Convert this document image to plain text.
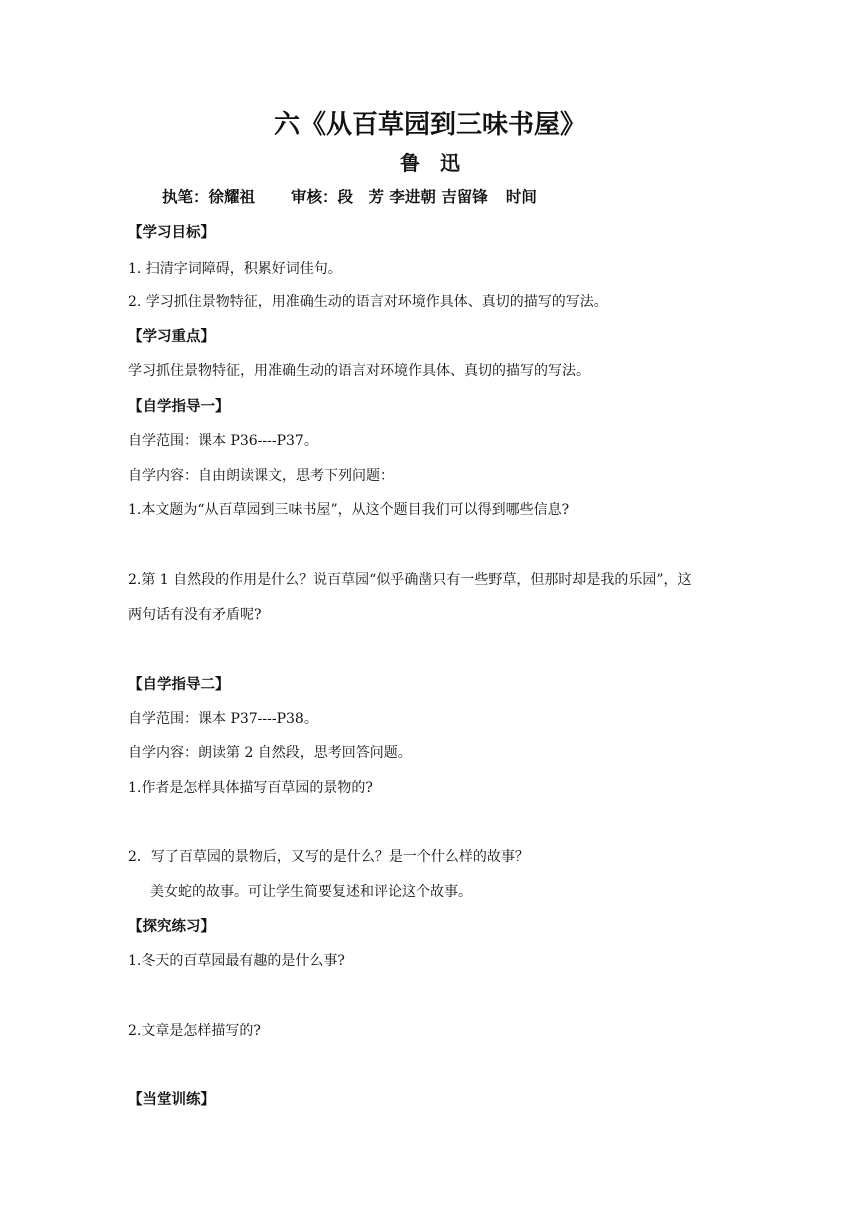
六《从百草园到三味书屋》
鲁　迅
执笔：徐耀祖 审核：段　芳 李进朝 吉留锋 时间
【学习目标】
1. 扫清字词障碍，积累好词佳句。
2. 学习抓住景物特征，用准确生动的语言对环境作具体、真切的描写的写法。
【学习重点】
学习抓住景物特征，用准确生动的语言对环境作具体、真切的描写的写法。
【自学指导一】
自学范围：课本 P36----P37。
自学内容：自由朗读课文，思考下列问题：
1.本文题为“从百草园到三味书屋”，从这个题目我们可以得到哪些信息?
2.第 1 自然段的作用是什么？说百草园“似乎确凿只有一些野草，但那时却是我的乐园”，这
两句话有没有矛盾呢?
【自学指导二】
自学范围：课本 P37----P38。
自学内容：朗读第 2 自然段，思考回答问题。
1.作者是怎样具体描写百草园的景物的?
2．写了百草园的景物后，又写的是什么？是一个什么样的故事？
美女蛇的故事。可让学生简要复述和评论这个故事。
【探究练习】
1.冬天的百草园最有趣的是什么事?
2.文章是怎样描写的?
【当堂训练】
